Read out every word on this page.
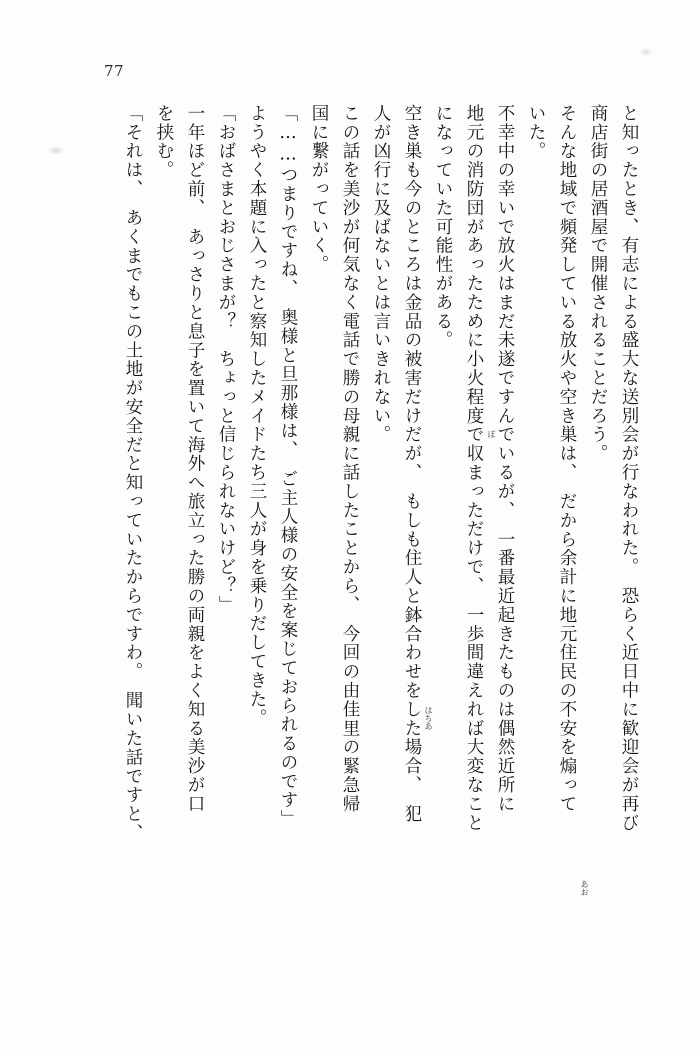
77
と知ったとき、有志による盛大な送別会が行なわれた。　恐らく近日中に歓迎会が再び
商店街の居酒屋で開催されることだろう。
そんな地域で頻発している放火や空き巣は、　だから余計に地元住民の不安を煽って
いた。
不幸中の幸いで放火はまだ未遂ですんでいるが、　一番最近起きたものは偶然近所に
地元の消防団があったために小火程度で収まっただけで、　一歩間違えれば大変なこと
になっていた可能性がある。
空き巣も今のところは金品の被害だけだが、　もしも住人と鉢合わせをした場合、　犯
人が凶行に及ばないとは言いきれない。
この話を美沙が何気なく電話で勝の母親に話したことから、　今回の由佳里の緊急帰
国に繋がっていく。
「……つまりですね、　奥様と旦那様は、　ご主人様の安全を案じておられるのです」
ようやく本題に入ったと察知したメイドたち三人が身を乗りだしてきた。
「おばさまとおじさまが？　ちょっと信じられないけど？」
一年ほど前、　あっさりと息子を置いて海外へ旅立った勝の両親をよく知る美沙が口
を挟む。
「それは、　あくまでもこの土地が安全だと知っていたからですわ。　聞いた話ですと、	ぼ
あお
はちあ
